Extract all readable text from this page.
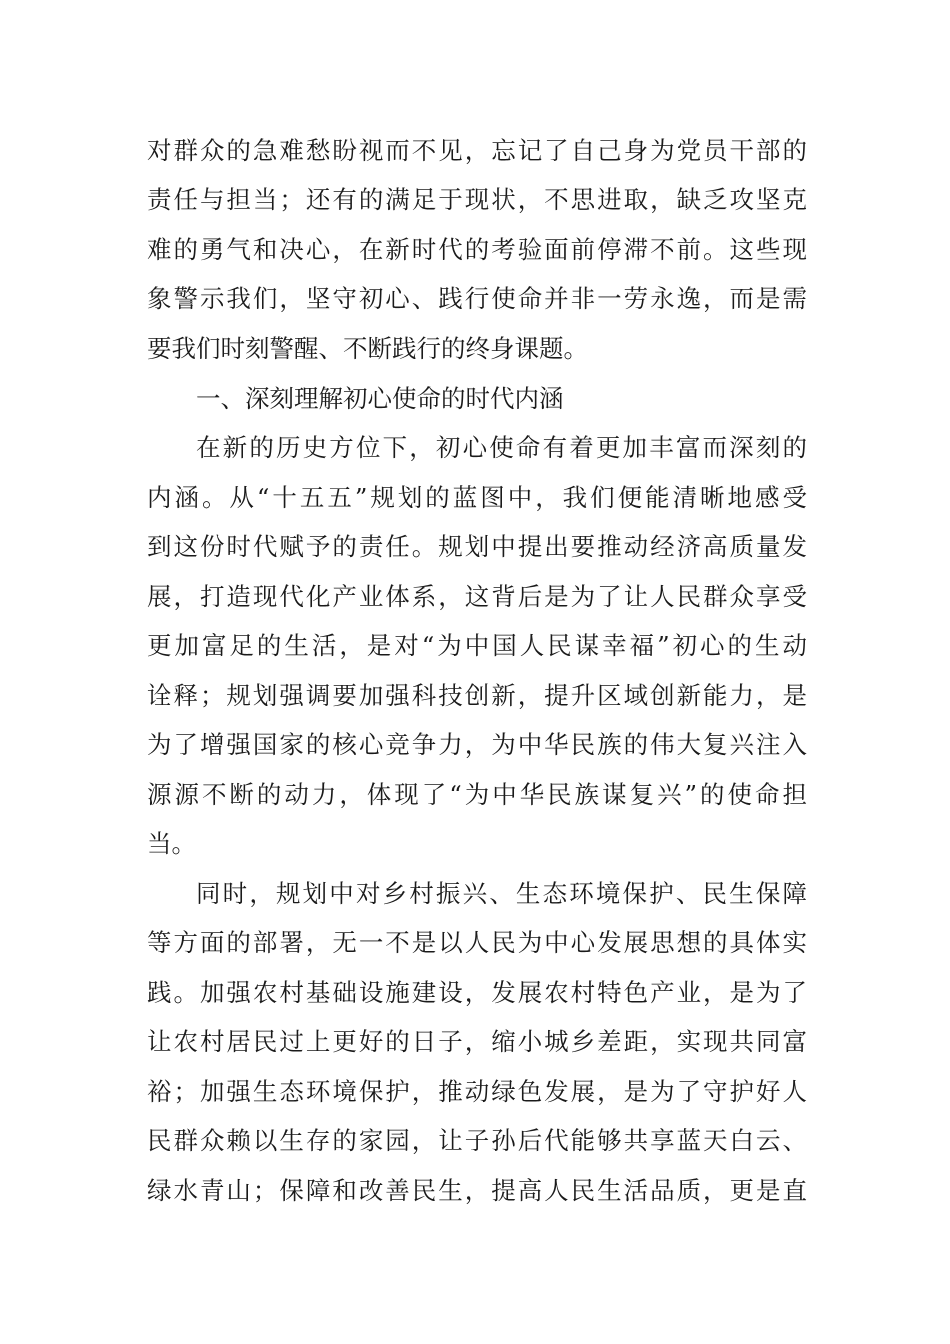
对群众的急难愁盼视而不见，忘记了自己身为党员干部的
责任与担当；还有的满足于现状，不思进取，缺乏攻坚克
难的勇气和决心，在新时代的考验面前停滞不前。这些现
象警示我们，坚守初心、践行使命并非一劳永逸，而是需
要我们时刻警醒、不断践行的终身课题。
一、深刻理解初心使命的时代内涵
在新的历史方位下，初心使命有着更加丰富而深刻的
内涵。从“十五五”规划的蓝图中，我们便能清晰地感受
到这份时代赋予的责任。规划中提出要推动经济高质量发
展，打造现代化产业体系，这背后是为了让人民群众享受
更加富足的生活，是对“为中国人民谋幸福”初心的生动
诠释；规划强调要加强科技创新，提升区域创新能力，是
为了增强国家的核心竞争力，为中华民族的伟大复兴注入
源源不断的动力，体现了“为中华民族谋复兴”的使命担
当。
同时，规划中对乡村振兴、生态环境保护、民生保障
等方面的部署，无一不是以人民为中心发展思想的具体实
践。加强农村基础设施建设，发展农村特色产业，是为了
让农村居民过上更好的日子，缩小城乡差距，实现共同富
裕；加强生态环境保护，推动绿色发展，是为了守护好人
民群众赖以生存的家园，让子孙后代能够共享蓝天白云、
绿水青山；保障和改善民生，提高人民生活品质，更是直
